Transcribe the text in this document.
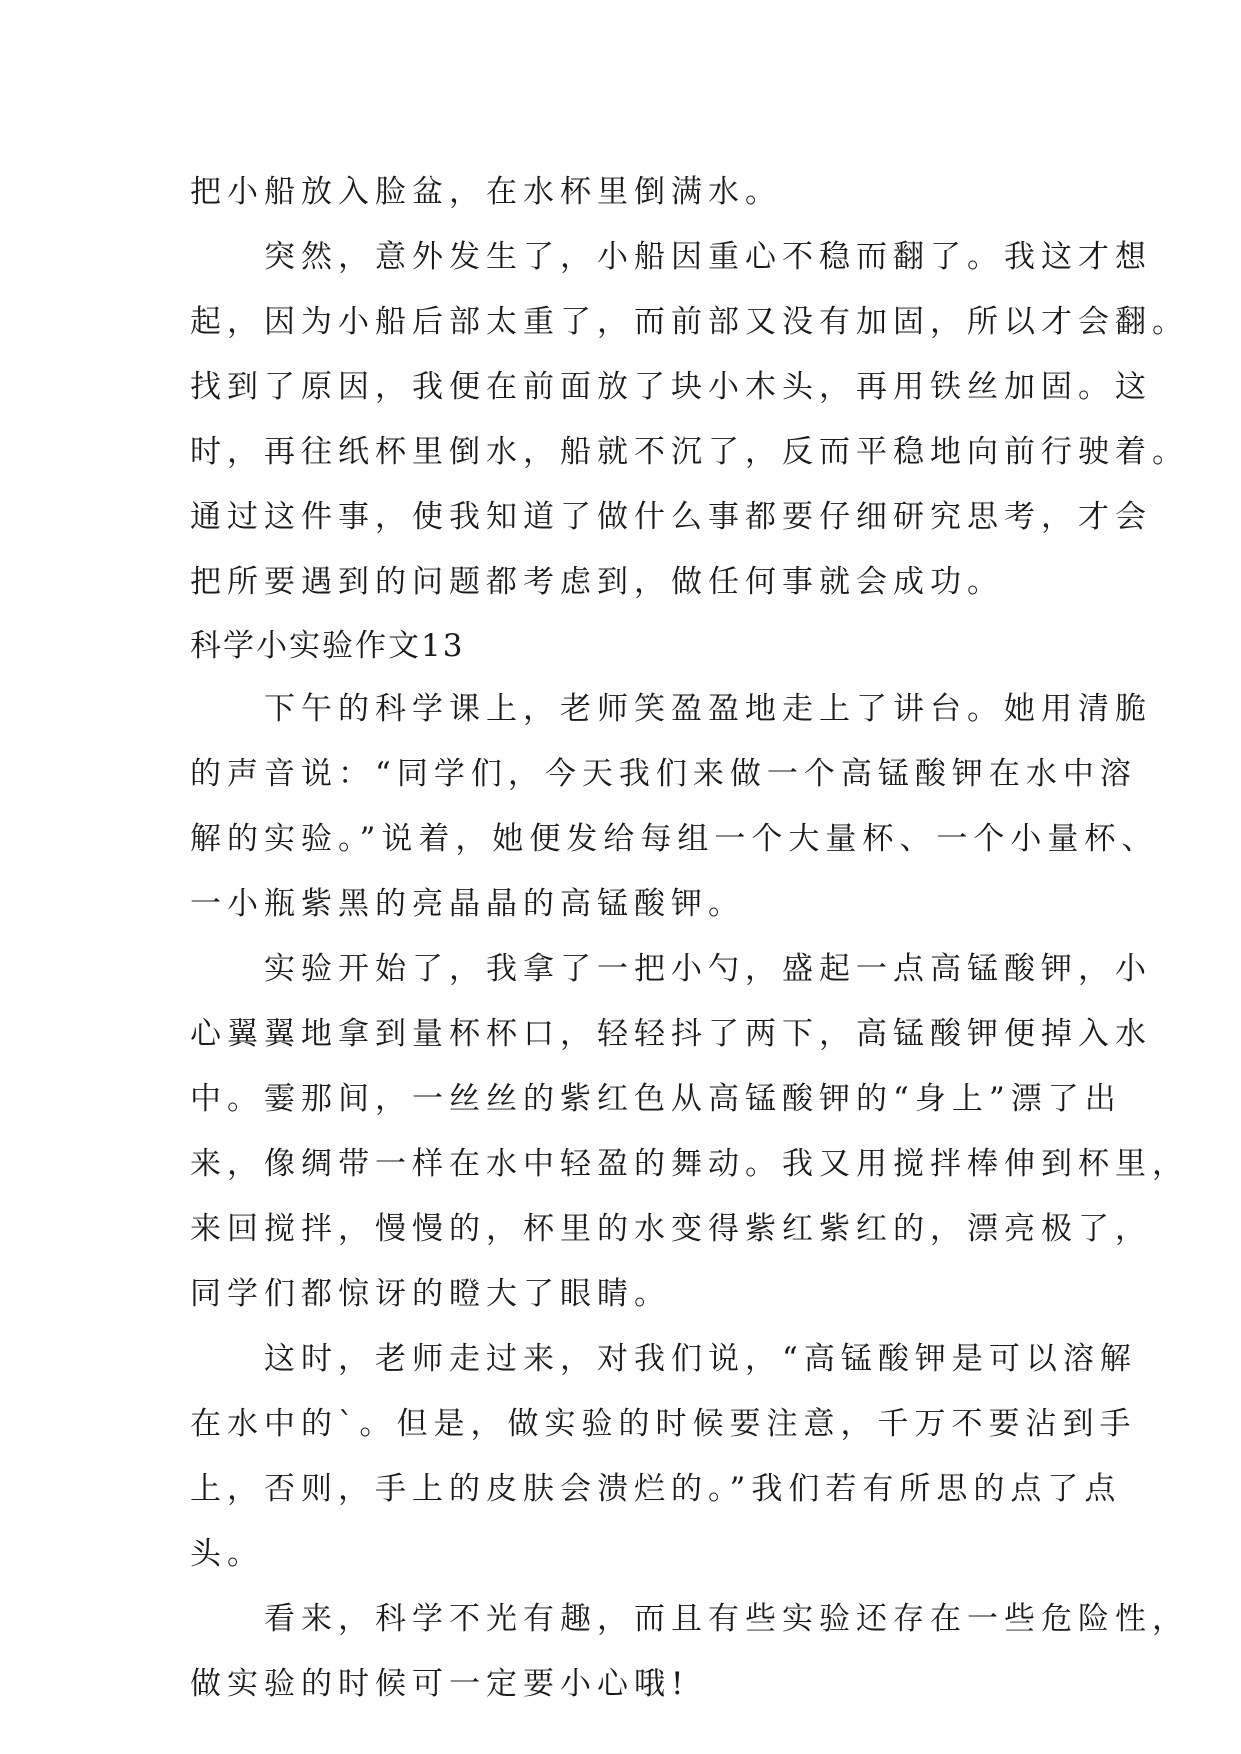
把小船放入脸盆，在水杯里倒满水。

　　突然，意外发生了，小船因重心不稳而翻了。我这才想

起，因为小船后部太重了，而前部又没有加固，所以才会翻。

找到了原因，我便在前面放了块小木头，再用铁丝加固。这

时，再往纸杯里倒水，船就不沉了，反而平稳地向前行驶着。

通过这件事，使我知道了做什么事都要仔细研究思考，才会

把所要遇到的问题都考虑到，做任何事就会成功。

科学小实验作文13

　　下午的科学课上，老师笑盈盈地走上了讲台。她用清脆

的声音说：“同学们，今天我们来做一个高锰酸钾在水中溶

解的实验。”说着，她便发给每组一个大量杯、一个小量杯、

一小瓶紫黑的亮晶晶的高锰酸钾。

　　实验开始了，我拿了一把小勺，盛起一点高锰酸钾，小

心翼翼地拿到量杯杯口，轻轻抖了两下，高锰酸钾便掉入水

中。霎那间，一丝丝的紫红色从高锰酸钾的“身上”漂了出

来，像绸带一样在水中轻盈的舞动。我又用搅拌棒伸到杯里，

来回搅拌，慢慢的，杯里的水变得紫红紫红的，漂亮极了，

同学们都惊讶的瞪大了眼睛。

　　这时，老师走过来，对我们说，“高锰酸钾是可以溶解

在水中的`。但是，做实验的时候要注意，千万不要沾到手

上，否则，手上的皮肤会溃烂的。”我们若有所思的点了点

头。

　　看来，科学不光有趣，而且有些实验还存在一些危险性，

做实验的时候可一定要小心哦!
